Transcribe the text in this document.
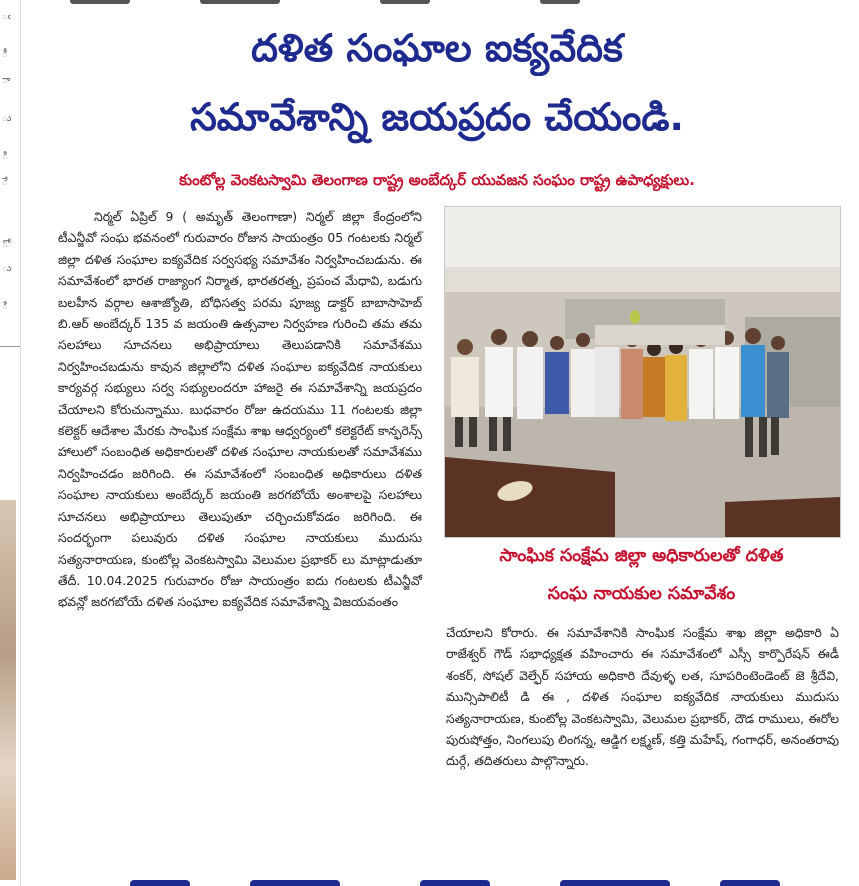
ఁ
ీ
ా
ు
ి
ే
ో
ు
ి
దళిత సంఘాల ఐక్యవేదిక
సమావేశాన్ని జయప్రదం చేయండి.
కుంటోల్ల వెంకటస్వామి తెలంగాణ రాష్ట్ర అంబేద్కర్ యువజన సంఘం రాష్ట్ర ఉపాధ్యక్షులు.

నిర్మల్ ఏప్రిల్ 9 ( అమృత్ తెలంగాణా) నిర్మల్ జిల్లా కేంద్రంలోని టీఎన్జీవో సంఘ భవనంలో గురువారం రోజున సాయంత్రం 05 గంటలకు నిర్మల్ జిల్లా దళిత సంఘాల ఐక్యవేదిక సర్వసభ్య సమావేశం నిర్వహించబడును. ఈ సమావేశంలో భారత రాజ్యాంగ నిర్మాత, భారతరత్న, ప్రపంచ మేధావి, బడుగు బలహీన వర్గాల ఆశాజ్యోతి, బోధిసత్వ పరమ పూజ్య డాక్టర్ బాబాసాహెబ్ బి.ఆర్ అంబేద్కర్ 135 వ జయంతి ఉత్సవాల నిర్వహణ గురించి తమ తమ సలహాలు సూచనలు అభిప్రాయాలు తెలుపడానికి సమావేశము నిర్వహించబడును కావున జిల్లాలోని దళిత సంఘాల ఐక్యవేదిక నాయకులు కార్యవర్గ సభ్యులు సర్వ సభ్యులందరూ హాజరై ఈ సమావేశాన్ని జయప్రదం చేయాలని కోరుచున్నాము. బుధవారం రోజు ఉదయము 11 గంటలకు జిల్లా కలెక్టర్ ఆదేశాల మేరకు సాంఘిక సంక్షేమ శాఖ ఆధ్వర్యంలో కలెక్టరేట్ కాన్ఫరెన్స్ హాలులో సంబంధిత అధికారులతో దళిత సంఘాల నాయకులతో సమావేశము నిర్వహించడం జరిగింది. ఈ సమావేశంలో సంబంధిత అధికారులు దళిత సంఘాల నాయకులు అంబేద్కర్ జయంతి జరగబోయే అంశాలపై సలహాలు సూచనలు అభిప్రాయాలు తెలుపుతూ చర్చించుకోవడం జరిగింది. ఈ సందర్భంగా పలువురు దళిత సంఘాల నాయకులు ముదుసు సత్యనారాయణ, కుంటోల్ల వెంకటస్వామి వెలుమల ప్రభాకర్ లు మాట్లాడుతూ తేదీ. 10.04.2025 గురువారం రోజు సాయంత్రం ఐదు గంటలకు టీఎన్జీవో భవన్లో జరగబోయే దళిత సంఘాల ఐక్యవేదిక సమావేశాన్ని విజయవంతం

సాంఘిక సంక్షేమ జిల్లా అధికారులతో దళిత
సంఘ నాయకుల సమావేశం

చేయాలని కోరారు. ఈ సమావేశానికి సాంఘిక సంక్షేమ శాఖ జిల్లా అధికారి ఏ రాజేశ్వర్ గౌడ్ సభాధ్యక్షత వహించారు ఈ సమావేశంలో ఎస్సీ కార్పొరేషన్ ఈడీ శంకర్, సోషల్ వెల్ఫేర్ సహాయ అధికారి దేవుళ్ళ లత, సూపరింటెండెంట్ జె శ్రీదేవి, మున్సిపాలిటీ డి ఈ , దళిత సంఘాల ఐక్యవేదిక నాయకులు ముదుసు సత్యనారాయణ, కుంటోల్ల వెంకటస్వామి, వెలుమల ప్రభాకర్, దౌడ రాములు, ఈరోల పురుషోత్తం, నింగలుపు లింగన్న, ఆడ్డిగ లక్ష్మణ్, కత్తి మహేష్, గంగాధర్, అనంతరావు దుర్గే, తదితరులు పాల్గొన్నారు.
